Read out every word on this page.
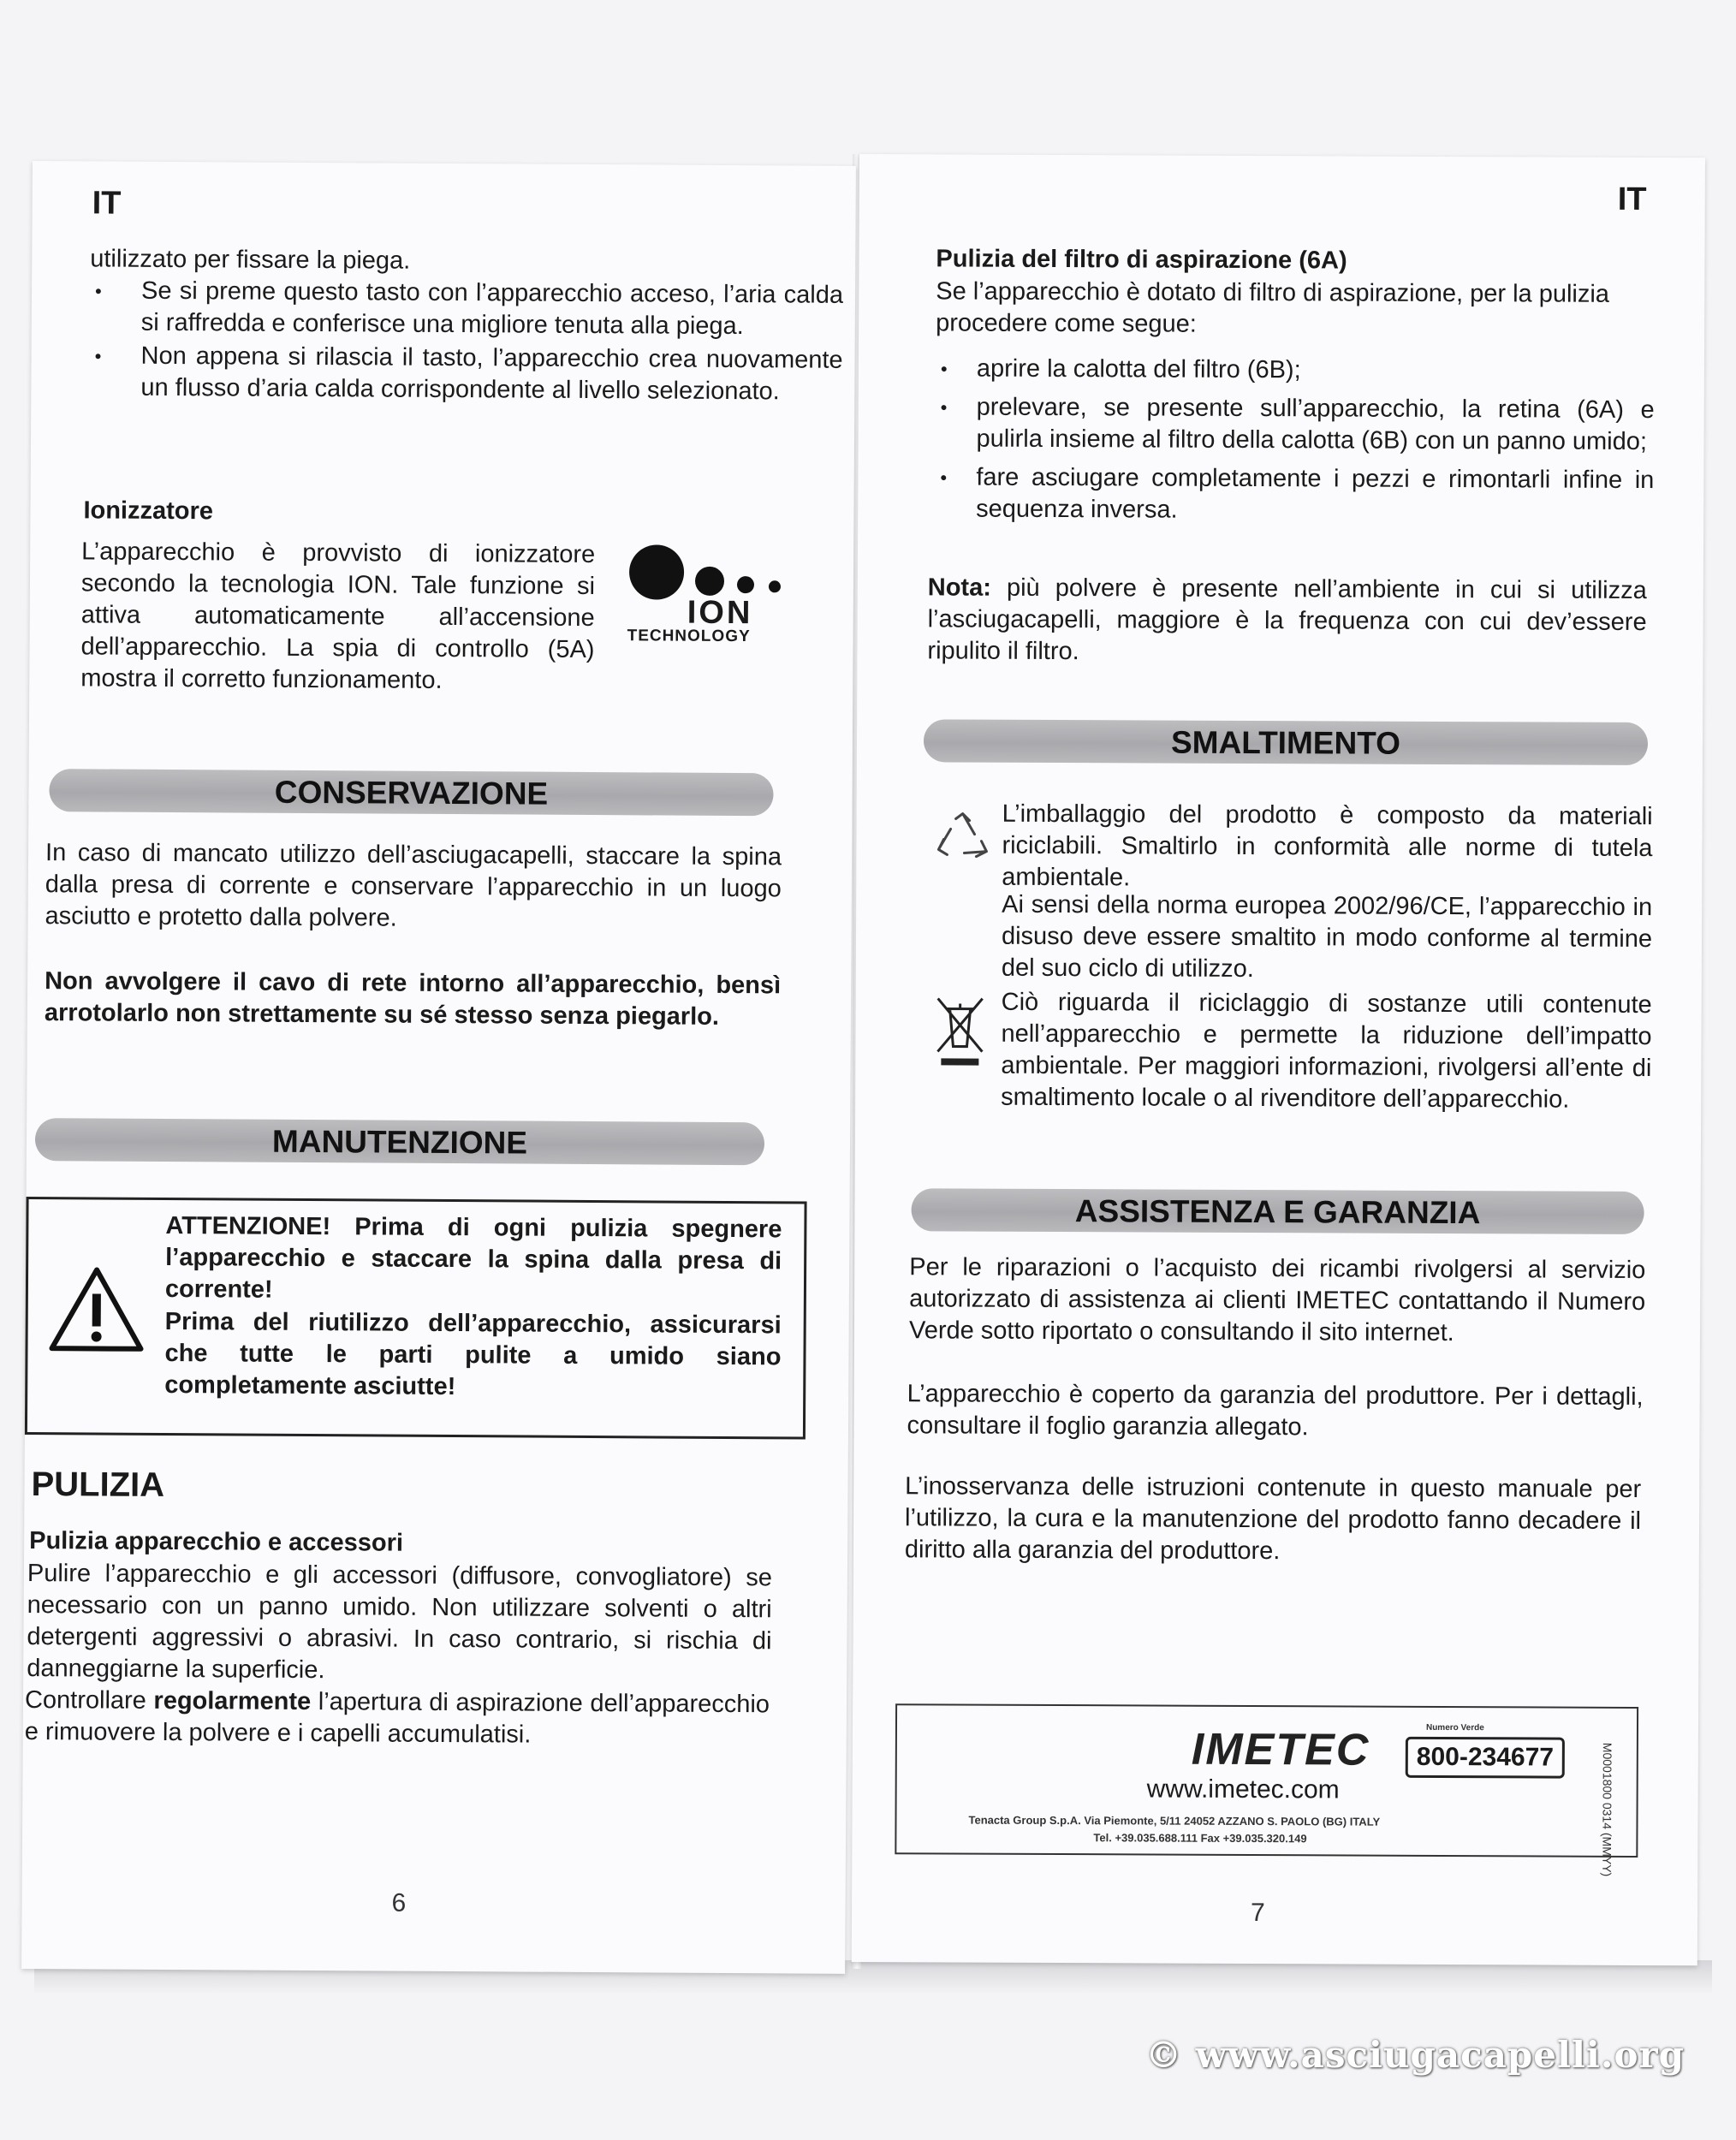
IT
utilizzato per fissare la piega.
• Se si preme questo tasto con l’apparecchio acceso, l’aria calda si raffredda e conferisce una migliore tenuta alla piega.
• Non appena si rilascia il tasto, l’apparecchio crea nuovamente un flusso d’aria calda corrispondente al livello selezionato.
Ionizzatore
L’apparecchio è provvisto di ionizzatore secondo la tecnologia ION. Tale funzione si attiva automaticamente all’accensione dell’apparecchio. La spia di controllo (5A) mostra il corretto funzionamento.
ION
TECHNOLOGY
CONSERVAZIONE
In caso di mancato utilizzo dell’asciugacapelli, staccare la spina dalla presa di corrente e conservare l’apparecchio in un luogo asciutto e protetto dalla polvere.
Non avvolgere il cavo di rete intorno all’apparecchio, bensì arrotolarlo non strettamente su sé stesso senza piegarlo.
MANUTENZIONE
ATTENZIONE! Prima di ogni pulizia spegnere l’apparecchio e staccare la spina dalla presa di corrente!
Prima del riutilizzo dell’apparecchio, assicurarsi che tutte le parti pulite a umido siano completamente asciutte!
PULIZIA
Pulizia apparecchio e accessori
Pulire l’apparecchio e gli accessori (diffusore, convogliatore) se necessario con un panno umido. Non utilizzare solventi o altri detergenti aggressivi o abrasivi. In caso contrario, si rischia di danneggiarne la superficie.
Controllare regolarmente l’apertura di aspirazione dell’apparecchio e rimuovere la polvere e i capelli accumulatisi.
6
IT
Pulizia del filtro di aspirazione (6A)
Se l’apparecchio è dotato di filtro di aspirazione, per la pulizia procedere come segue:
• aprire la calotta del filtro (6B);
• prelevare, se presente sull’apparecchio, la retina (6A) e pulirla insieme al filtro della calotta (6B) con un panno umido;
• fare asciugare completamente i pezzi e rimontarli infine in sequenza inversa.
Nota: più polvere è presente nell’ambiente in cui si utilizza l’asciugacapelli, maggiore è la frequenza con cui dev’essere ripulito il filtro.
SMALTIMENTO
L’imballaggio del prodotto è composto da materiali riciclabili. Smaltirlo in conformità alle norme di tutela ambientale.
Ai sensi della norma europea 2002/96/CE, l’apparecchio in disuso deve essere smaltito in modo conforme al termine del suo ciclo di utilizzo.
Ciò riguarda il riciclaggio di sostanze utili contenute nell’apparecchio e permette la riduzione dell’impatto ambientale. Per maggiori informazioni, rivolgersi all’ente di smaltimento locale o al rivenditore dell’apparecchio.
ASSISTENZA E GARANZIA
Per le riparazioni o l’acquisto dei ricambi rivolgersi al servizio autorizzato di assistenza ai clienti IMETEC contattando il Numero Verde sotto riportato o consultando il sito internet.
L’apparecchio è coperto da garanzia del produttore. Per i dettagli, consultare il foglio garanzia allegato.
L’inosservanza delle istruzioni contenute in questo manuale per l’utilizzo, la cura e la manutenzione del prodotto fanno decadere il diritto alla garanzia del produttore.
IMETEC
www.imetec.com
Numero Verde
800-234677
Tenacta Group S.p.A. Via Piemonte, 5/11 24052 AZZANO S. PAOLO (BG) ITALY
Tel. +39.035.688.111 Fax +39.035.320.149	M0001800 0314 (MMYY)
7
© www.asciugacapelli.org
